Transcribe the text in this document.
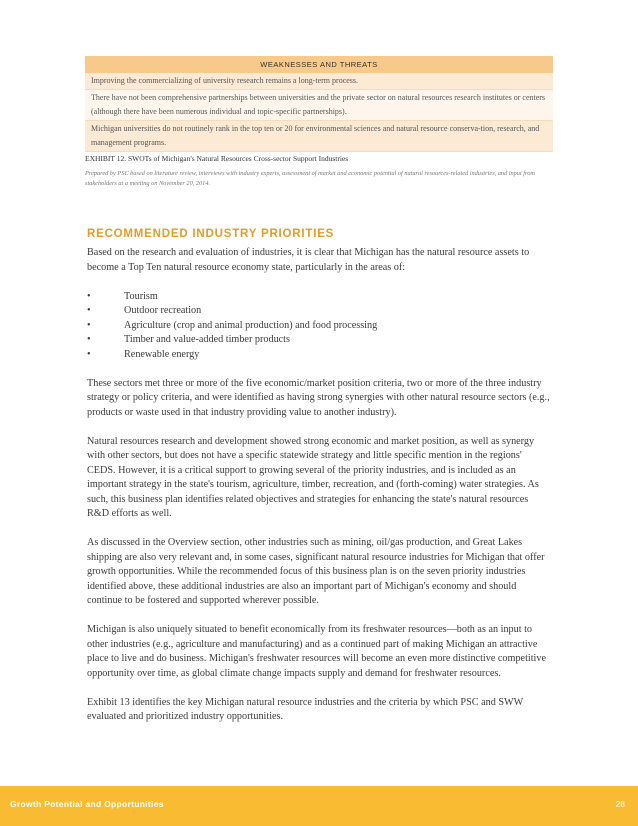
WEAKNESSES AND THREATS
Improving the commercializing of university research remains a long-term process.
There have not been comprehensive partnerships between universities and the private sector on natural resources research institutes or centers (although there have been numerous individual and topic-specific partnerships).
Michigan universities do not routinely rank in the top ten or 20 for environmental sciences and natural resource conserva-tion, research, and management programs.
EXHIBIT 12. SWOTs of Michigan's Natural Resources Cross-sector Support Industries
Prepared by PSC based on literature review, interviews with industry experts, assessment of market and economic potential of natural resources-related industries, and input from stakeholders at a meeting on November 20, 2014.
RECOMMENDED INDUSTRY PRIORITIES

Based on the research and evaluation of industries, it is clear that Michigan has the natural resource assets to become a Top Ten natural resource economy state, particularly in the areas of:

•	Tourism
•	Outdoor recreation
•	Agriculture (crop and animal production) and food processing
•	Timber and value-added timber products
•	Renewable energy

These sectors met three or more of the five economic/market position criteria, two or more of the three industry strategy or policy criteria, and were identified as having strong synergies with other natural resource sectors (e.g., products or waste used in that industry providing value to another industry).

Natural resources research and development showed strong economic and market position, as well as synergy with other sectors, but does not have a specific statewide strategy and little specific mention in the regions' CEDS. However, it is a critical support to growing several of the priority industries, and is included as an important strategy in the state's tourism, agriculture, timber, recreation, and (forth-coming) water strategies. As such, this business plan identifies related objectives and strategies for enhancing the state's natural resources R&D efforts as well.

As discussed in the Overview section, other industries such as mining, oil/gas production, and Great Lakes shipping are also very relevant and, in some cases, significant natural resource industries for Michigan that offer growth opportunities. While the recommended focus of this business plan is on the seven priority industries identified above, these additional industries are also an important part of Michigan's economy and should continue to be fostered and supported wherever possible.

Michigan is also uniquely situated to benefit economically from its freshwater resources—both as an input to other industries (e.g., agriculture and manufacturing) and as a continued part of making Michigan an attractive place to live and do business. Michigan's freshwater resources will become an even more distinctive competitive opportunity over time, as global climate change impacts supply and demand for freshwater resources.

Exhibit 13 identifies the key Michigan natural resource industries and the criteria by which PSC and SWW evaluated and prioritized industry opportunities.

Growth Potential and Opportunities	28
